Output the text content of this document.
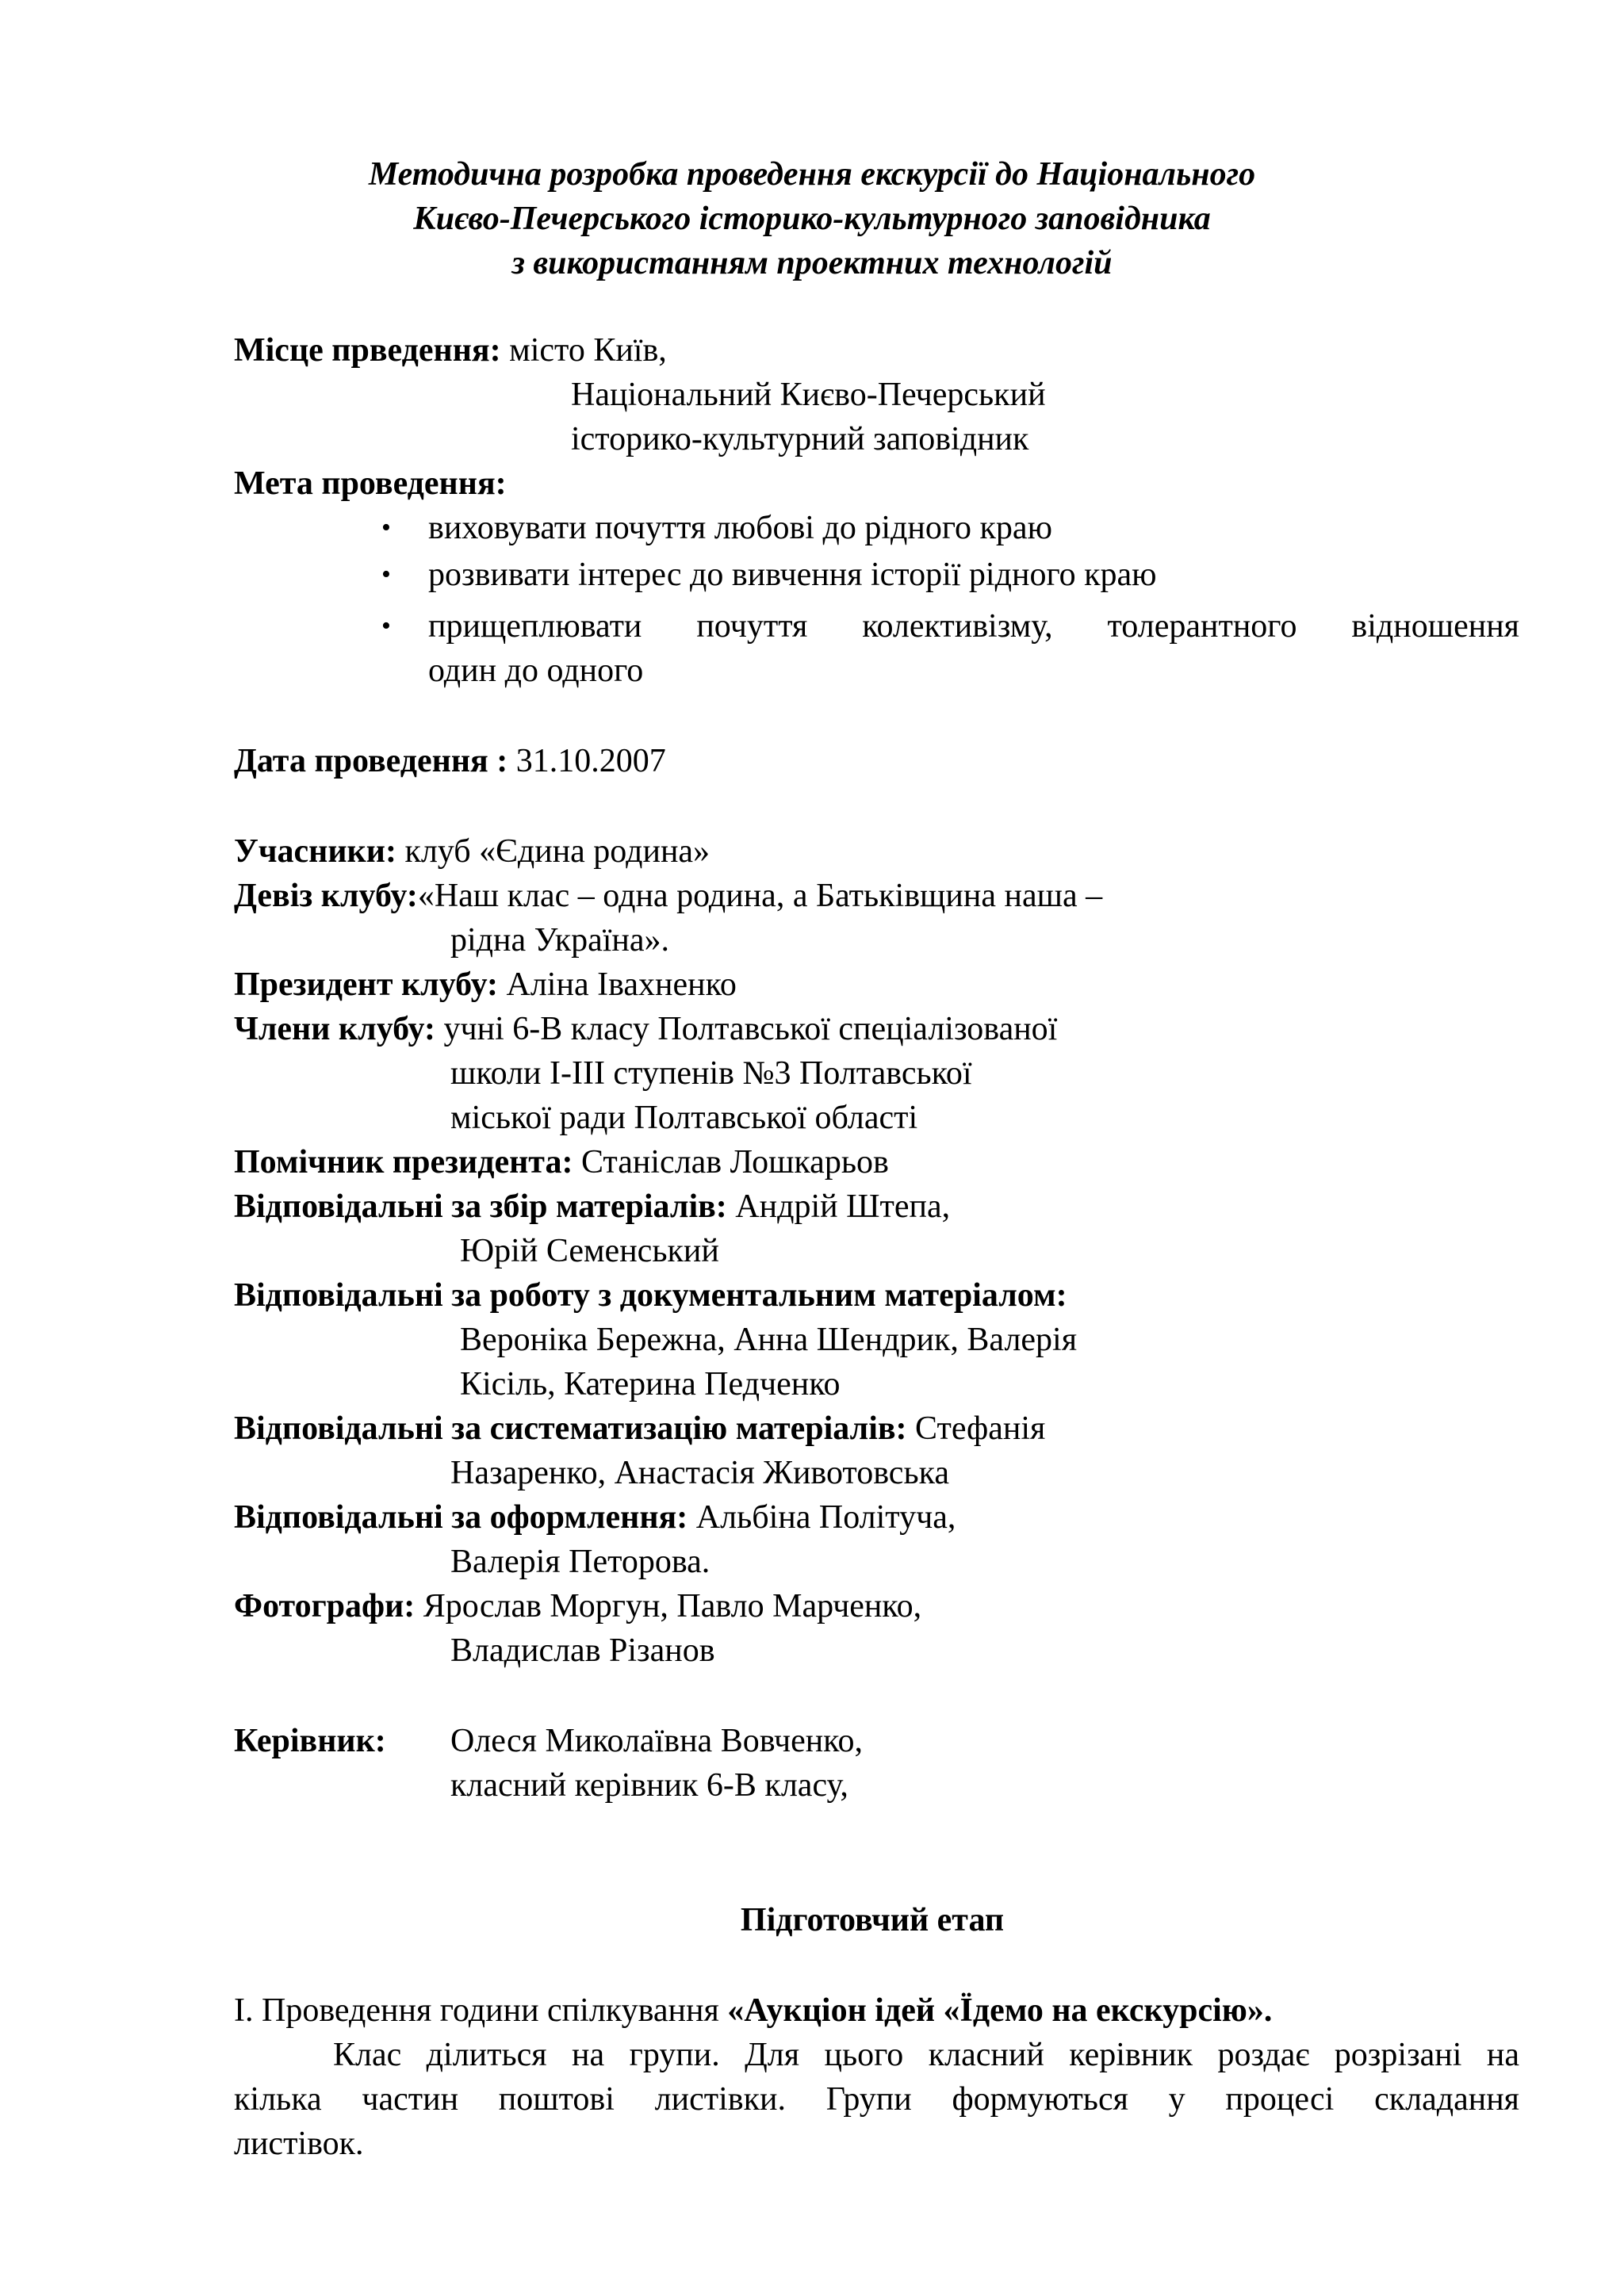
Методична розробка проведення екскурсії до Національного
Києво-Печерського історико-культурного заповідника
з використанням проектних технологій
Місце прведення: місто Київ,
Національний Києво-Печерський
історико-культурний заповідник
Мета проведення:
• виховувати почуття любові до рідного краю
• розвивати інтерес до вивчення історії рідного краю
• прищеплювати почуття колективізму, толерантного відношення
один до одного
Дата проведення : 31.10.2007
Учасники: клуб «Єдина родина»
Девіз клубу:«Наш клас – одна родина, а Батьківщина наша –
рідна Україна».
Президент клубу: Аліна Івахненко
Члени клубу: учні 6-В класу Полтавської спеціалізованої
школи І-ІІІ ступенів №3 Полтавської
міської ради Полтавської області
Помічник президента: Станіслав Лошкарьов
Відповідальні за збір матеріалів: Андрій Штепа,
Юрій Семенський
Відповідальні за роботу з документальним матеріалом:
Вероніка Бережна, Анна Шендрик, Валерія
Кісіль, Катерина Педченко
Відповідальні за систематизацію матеріалів: Стефанія
Назаренко, Анастасія Животовська
Відповідальні за оформлення: Альбіна Політуча,
Валерія Петорова.
Фотографи: Ярослав Моргун, Павло Марченко,
Владислав Різанов
Керівник: Олеся Миколаївна Вовченко,
класний керівник 6-В класу,
Підготовчий етап
І. Проведення години спілкування «Аукціон ідей «Їдемо на екскурсію».
Клас ділиться на групи. Для цього класний керівник роздає розрізані на
кілька частин поштові листівки. Групи формуються у процесі складання
листівок.
